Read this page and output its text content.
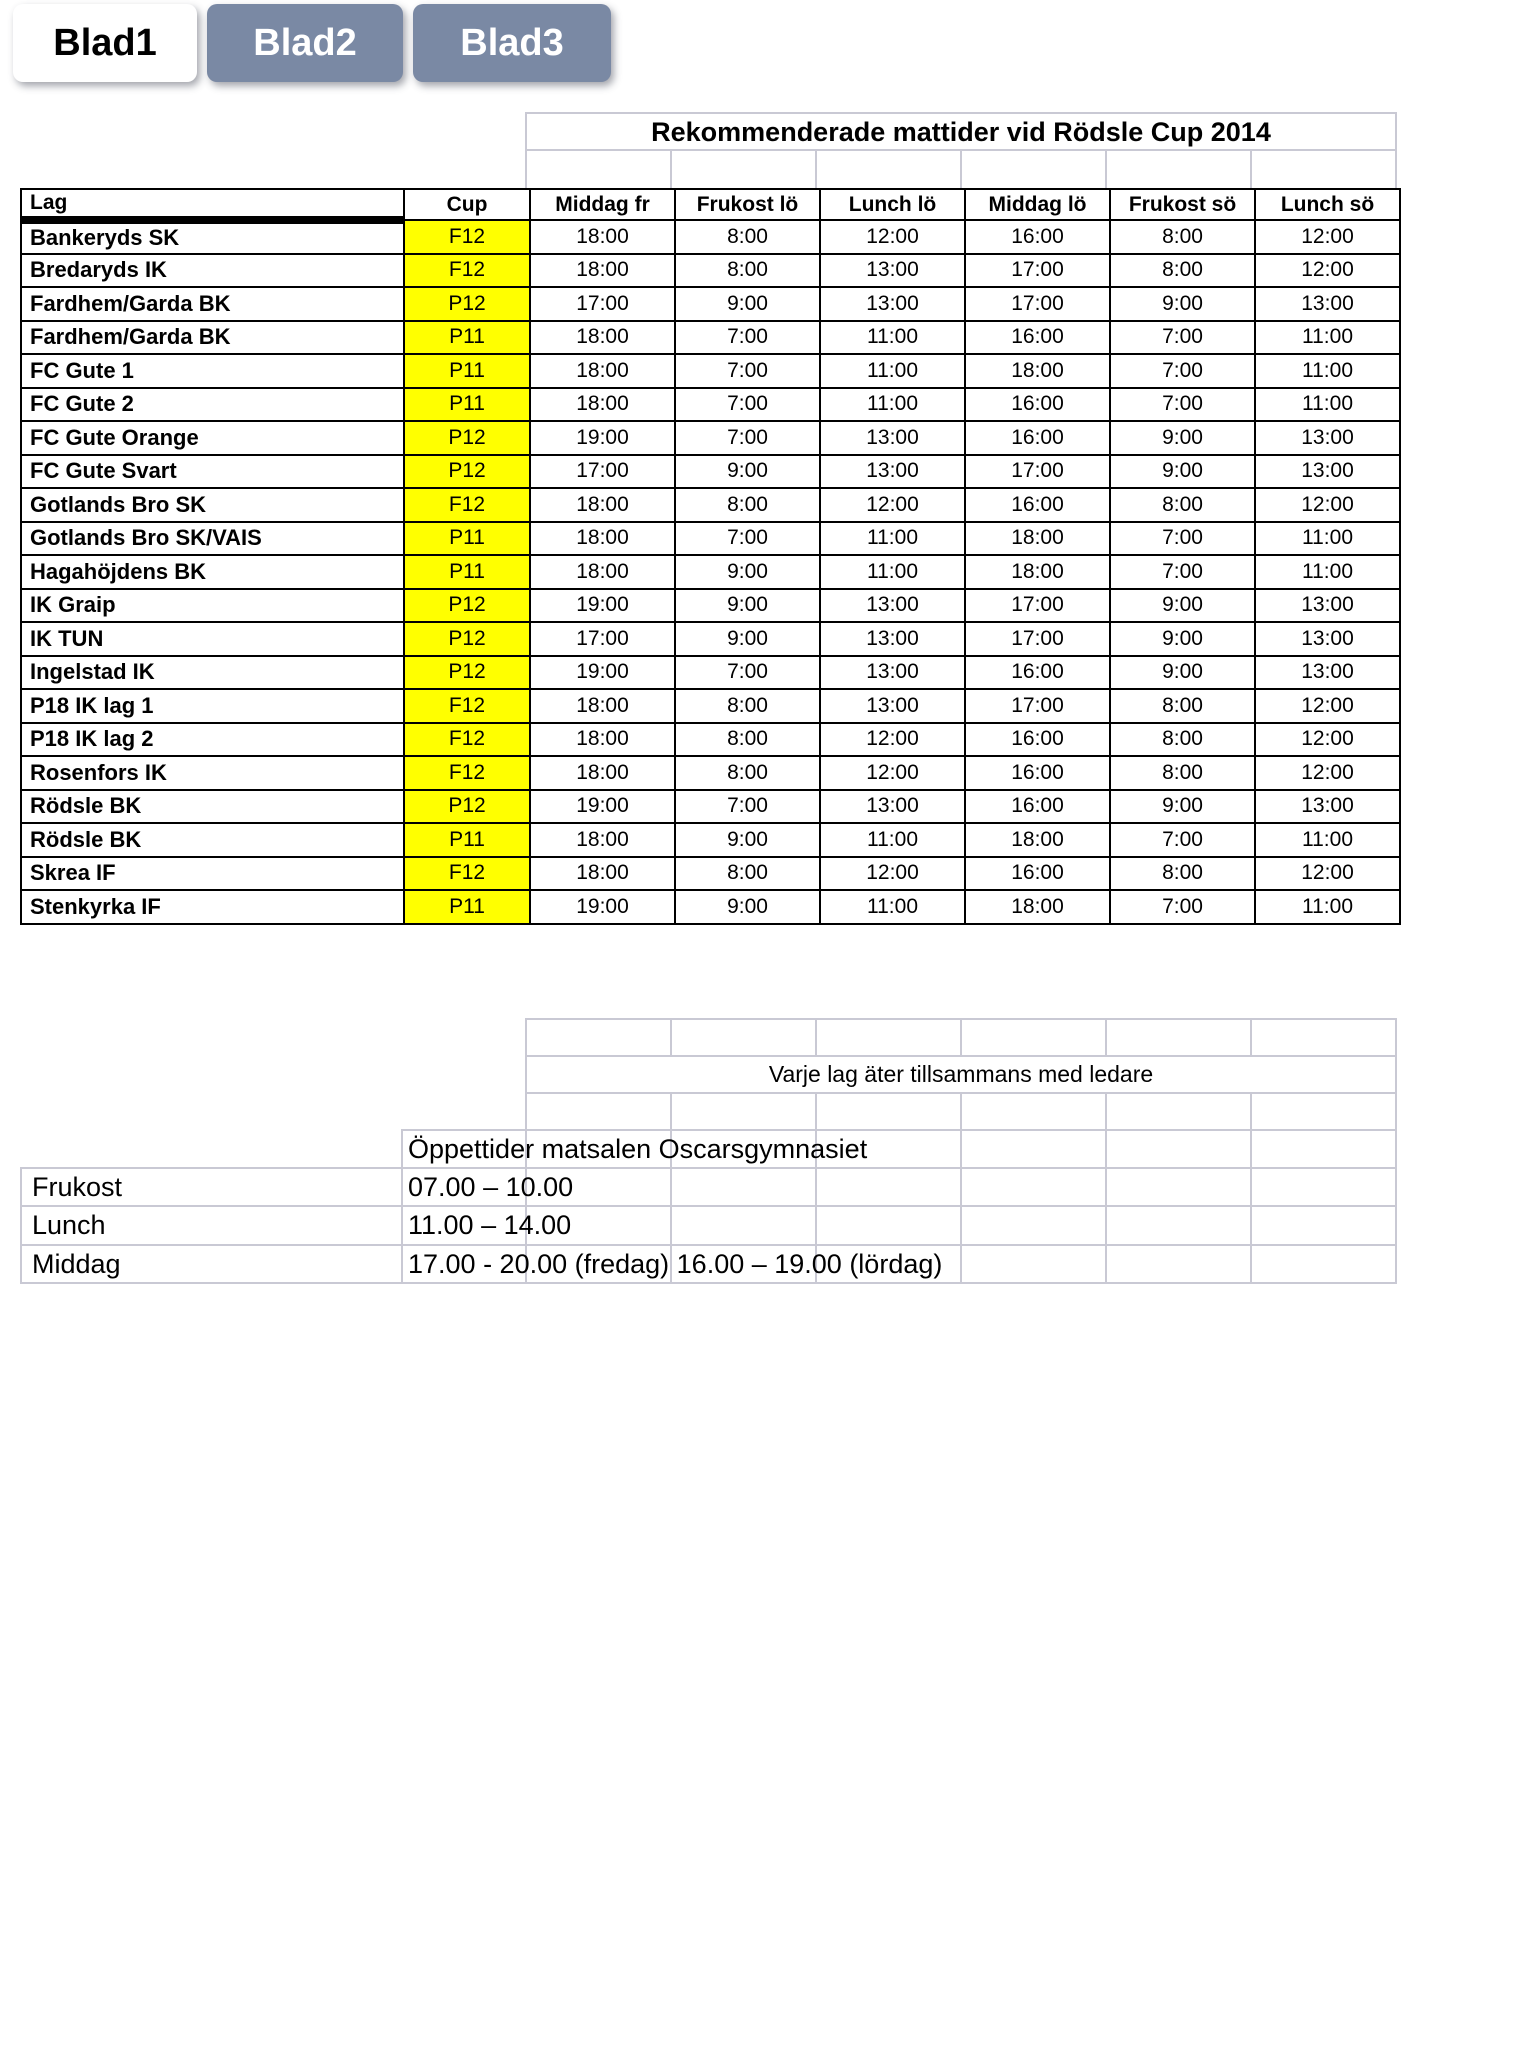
Blad1	Blad2	Blad3
Rekommenderade mattider vid Rödsle Cup 2014
Lag	Cup	Middag fr	Frukost lö	Lunch lö	Middag lö	Frukost sö	Lunch sö
Bankeryds SK	F12	18:00	8:00	12:00	16:00	8:00	12:00
Bredaryds IK	F12	18:00	8:00	13:00	17:00	8:00	12:00
Fardhem/Garda BK	P12	17:00	9:00	13:00	17:00	9:00	13:00
Fardhem/Garda BK	P11	18:00	7:00	11:00	16:00	7:00	11:00
FC Gute 1	P11	18:00	7:00	11:00	18:00	7:00	11:00
FC Gute 2	P11	18:00	7:00	11:00	16:00	7:00	11:00
FC Gute Orange	P12	19:00	7:00	13:00	16:00	9:00	13:00
FC Gute Svart	P12	17:00	9:00	13:00	17:00	9:00	13:00
Gotlands Bro SK	F12	18:00	8:00	12:00	16:00	8:00	12:00
Gotlands Bro SK/VAIS	P11	18:00	7:00	11:00	18:00	7:00	11:00
Hagahöjdens BK	P11	18:00	9:00	11:00	18:00	7:00	11:00
IK Graip	P12	19:00	9:00	13:00	17:00	9:00	13:00
IK TUN	P12	17:00	9:00	13:00	17:00	9:00	13:00
Ingelstad IK	P12	19:00	7:00	13:00	16:00	9:00	13:00
P18 IK lag 1	F12	18:00	8:00	13:00	17:00	8:00	12:00
P18 IK lag 2	F12	18:00	8:00	12:00	16:00	8:00	12:00
Rosenfors IK	F12	18:00	8:00	12:00	16:00	8:00	12:00
Rödsle BK	P12	19:00	7:00	13:00	16:00	9:00	13:00
Rödsle BK	P11	18:00	9:00	11:00	18:00	7:00	11:00
Skrea IF	F12	18:00	8:00	12:00	16:00	8:00	12:00
Stenkyrka IF	P11	19:00	9:00	11:00	18:00	7:00	11:00
Varje lag äter tillsammans med ledare
Öppettider matsalen Oscarsgymnasiet
Frukost	07.00 – 10.00
Lunch	11.00 – 14.00
Middag	17.00 - 20.00 (fredag) 16.00 – 19.00 (lördag)
